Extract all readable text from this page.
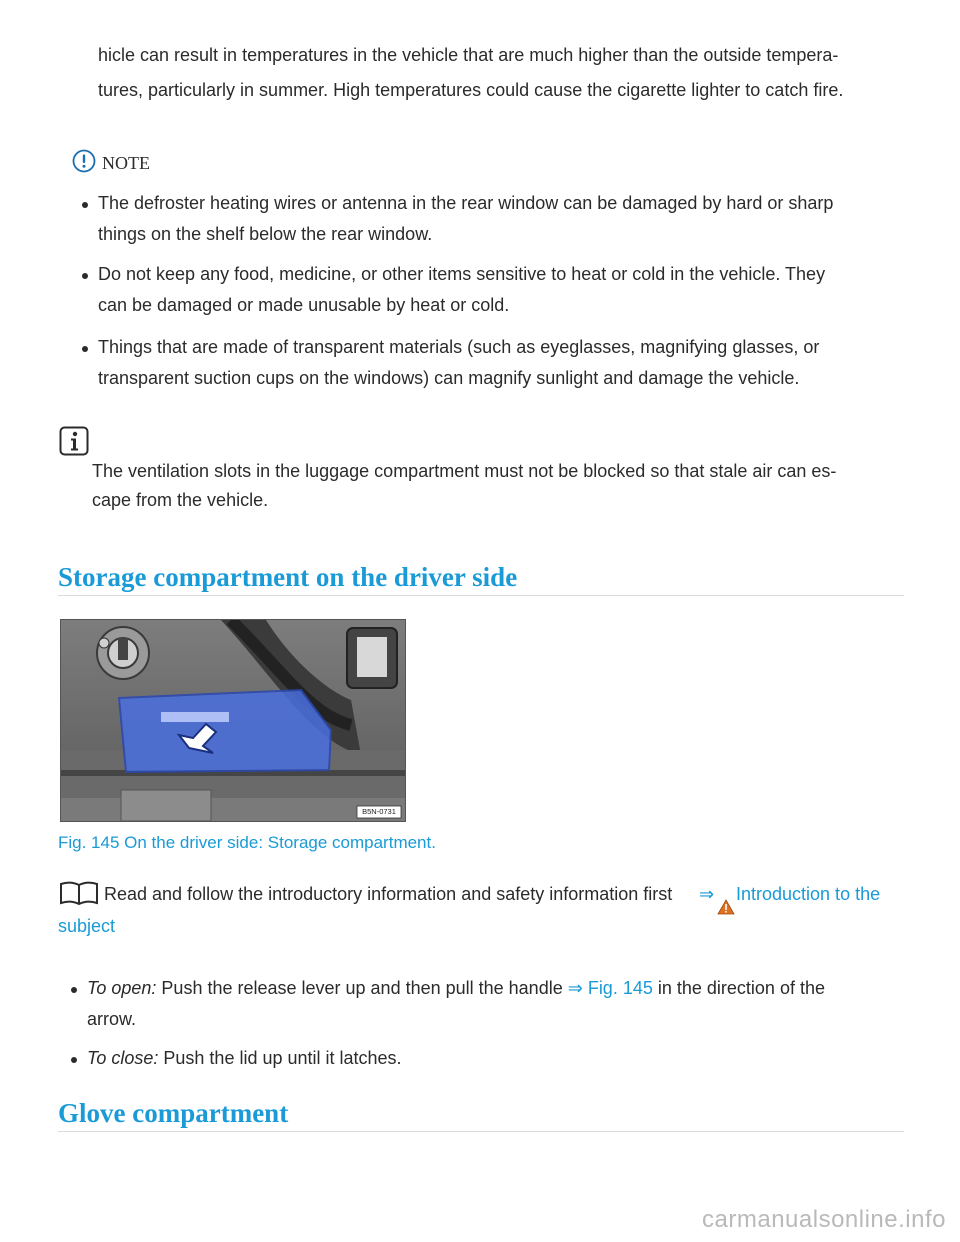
hicle can result in temperatures in the vehicle that are much higher than the outside tempera-

tures, particularly in summer. High temperatures could cause the cigarette lighter to catch fire.

NOTE

The defroster heating wires or antenna in the rear window can be damaged by hard or sharp

things on the shelf below the rear window.

Do not keep any food, medicine, or other items sensitive to heat or cold in the vehicle. They

can be damaged or made unusable by heat or cold.

Things that are made of transparent materials (such as eyeglasses, magnifying glasses, or

transparent suction cups on the windows) can magnify sunlight and damage the vehicle.

The ventilation slots in the luggage compartment must not be blocked so that stale air can es-

cape from the vehicle.

Storage compartment on the driver side
B5N-0731
Fig. 145 On the driver side: Storage compartment.

Read and follow the introductory information and safety information first ⇒ Introduction to the
subject

To open: Push the release lever up and then pull the handle ⇒ Fig. 145 in the direction of the

arrow.

To close: Push the lid up until it latches.

Glove compartment
carmanualsonline.info
